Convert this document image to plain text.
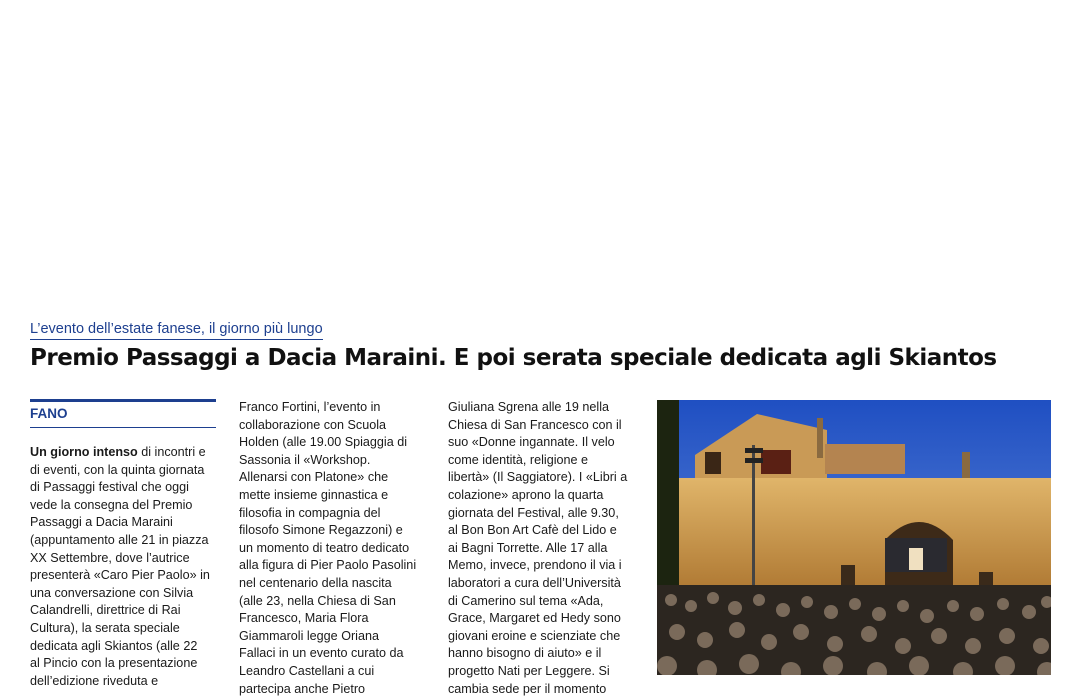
L’evento dell’estate fanese, il giorno più lungo
Premio Passaggi a Dacia Maraini. E poi serata speciale dedicata agli Skiantos
FANO
Un giorno intenso di incontri e
di eventi, con la quinta giornata
di Passaggi festival che oggi
vede la consegna del Premio
Passaggi a Dacia Maraini
(appuntamento alle 21 in piazza
XX Settembre, dove l’autrice
presenterà «Caro Pier Paolo» in
una conversazione con Silvia
Calandrelli, direttrice di Rai
Cultura), la serata speciale
dedicata agli Skiantos (alle 22
al Pincio con la presentazione
dell’edizione riveduta e
Franco Fortini, l’evento in
collaborazione con Scuola
Holden (alle 19.00 Spiaggia di
Sassonia il «Workshop.
Allenarsi con Platone» che
mette insieme ginnastica e
filosofia in compagnia del
filosofo Simone Regazzoni) e
un momento di teatro dedicato
alla figura di Pier Paolo Pasolini
nel centenario della nascita
(alle 23, nella Chiesa di San
Francesco, Maria Flora
Giammaroli legge Oriana
Fallaci in un evento curato da
Leandro Castellani a cui
partecipa anche Pietro
Giuliana Sgrena alle 19 nella
Chiesa di San Francesco con il
suo «Donne ingannate. Il velo
come identità, religione e
libertà» (Il Saggiatore). I «Libri a
colazione» aprono la quarta
giornata del Festival, alle 9.30,
al Bon Bon Art Cafè del Lido e
ai Bagni Torrette. Alle 17 alla
Memo, invece, prendono il via i
laboratori a cura dell’Università
di Camerino sul tema «Ada,
Grace, Margaret ed Hedy sono
giovani eroine e scienziate che
hanno bisogno di aiuto» e il
progetto Nati per Leggere. Si
cambia sede per il momento
